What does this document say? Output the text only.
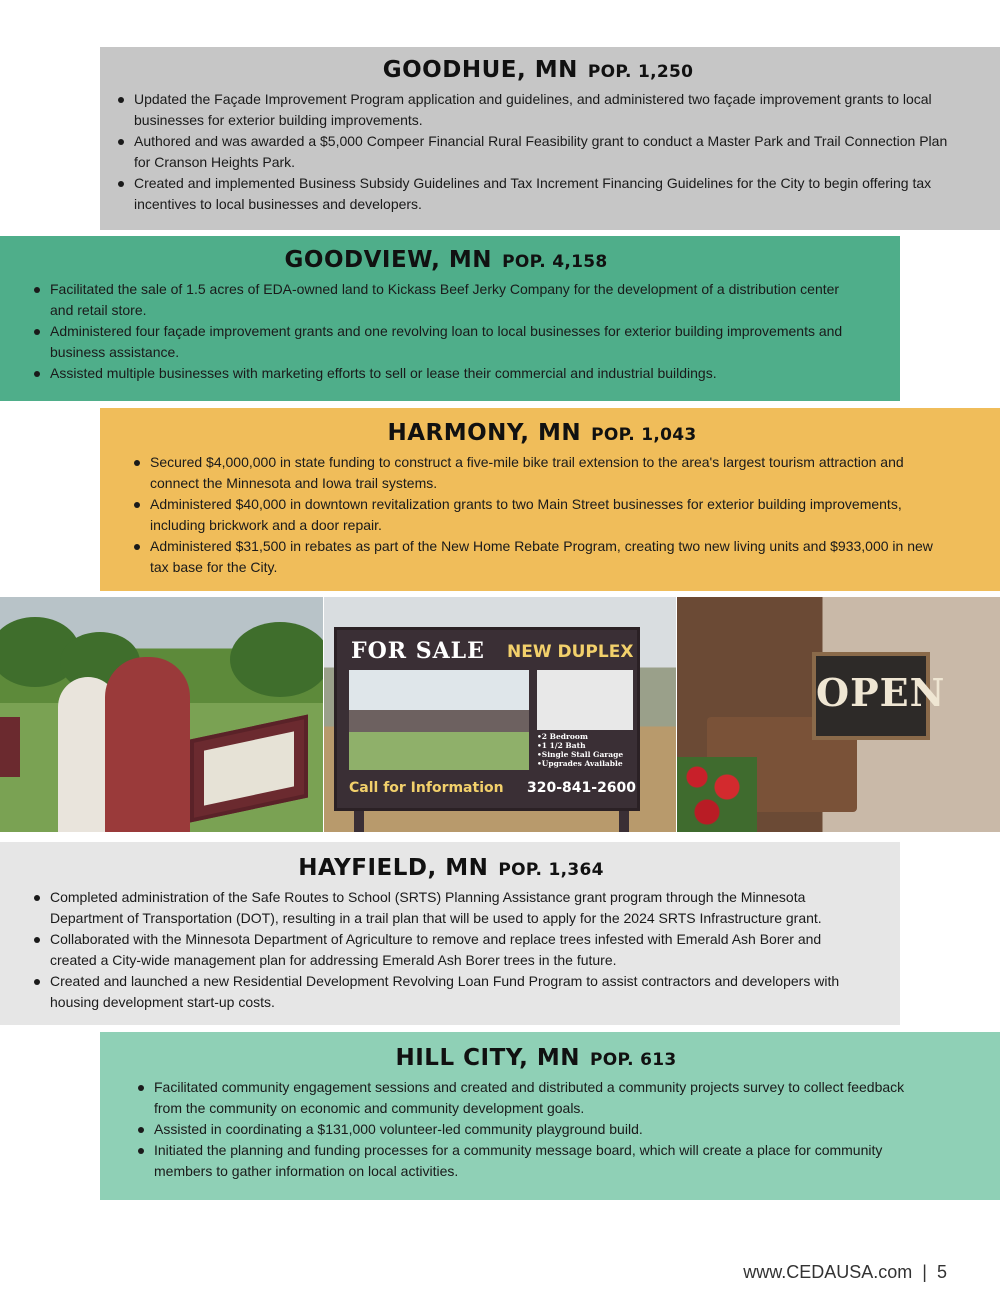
GOODHUE, MN POP. 1,250
Updated the Façade Improvement Program application and guidelines, and administered two façade improvement grants to local businesses for exterior building improvements.
Authored and was awarded a $5,000 Compeer Financial Rural Feasibility grant to conduct a Master Park and Trail Connection Plan for Cranson Heights Park.
Created and implemented Business Subsidy Guidelines and Tax Increment Financing Guidelines for the City to begin offering tax incentives to local businesses and developers.
GOODVIEW, MN POP. 4,158
Facilitated the sale of 1.5 acres of EDA-owned land to Kickass Beef Jerky Company for the development of a distribution center and retail store.
Administered four façade improvement grants and one revolving loan to local businesses for exterior building improvements and business assistance.
Assisted multiple businesses with marketing efforts to sell or lease their commercial and industrial buildings.
HARMONY, MN POP. 1,043
Secured $4,000,000 in state funding to construct a five-mile bike trail extension to the area's largest tourism attraction and connect the Minnesota and Iowa trail systems.
Administered $40,000 in downtown revitalization grants to two Main Street businesses for exterior building improvements, including brickwork and a door repair.
Administered $31,500 in rebates as part of the New Home Rebate Program, creating two new living units and $933,000 in new tax base for the City.
FOR SALE NEW DUPLEX
• 2 Bedroom
• 1 1/2 Bath
• Single Stall Garage
• Upgrades Available
Call for Information 320-841-2600
OPEN
HAYFIELD, MN POP. 1,364
Completed administration of the Safe Routes to School (SRTS) Planning Assistance grant program through the Minnesota Department of Transportation (DOT), resulting in a trail plan that will be used to apply for the 2024 SRTS Infrastructure grant.
Collaborated with the Minnesota Department of Agriculture to remove and replace trees infested with Emerald Ash Borer and created a City-wide management plan for addressing Emerald Ash Borer trees in the future.
Created and launched a new Residential Development Revolving Loan Fund Program to assist contractors and developers with housing development start-up costs.
HILL CITY, MN POP. 613
Facilitated community engagement sessions and created and distributed a community projects survey to collect feedback from the community on economic and community development goals.
Assisted in coordinating a $131,000 volunteer-led community playground build.
Initiated the planning and funding processes for a community message board, which will create a place for community members to gather information on local activities.
www.CEDAUSA.com | 5
